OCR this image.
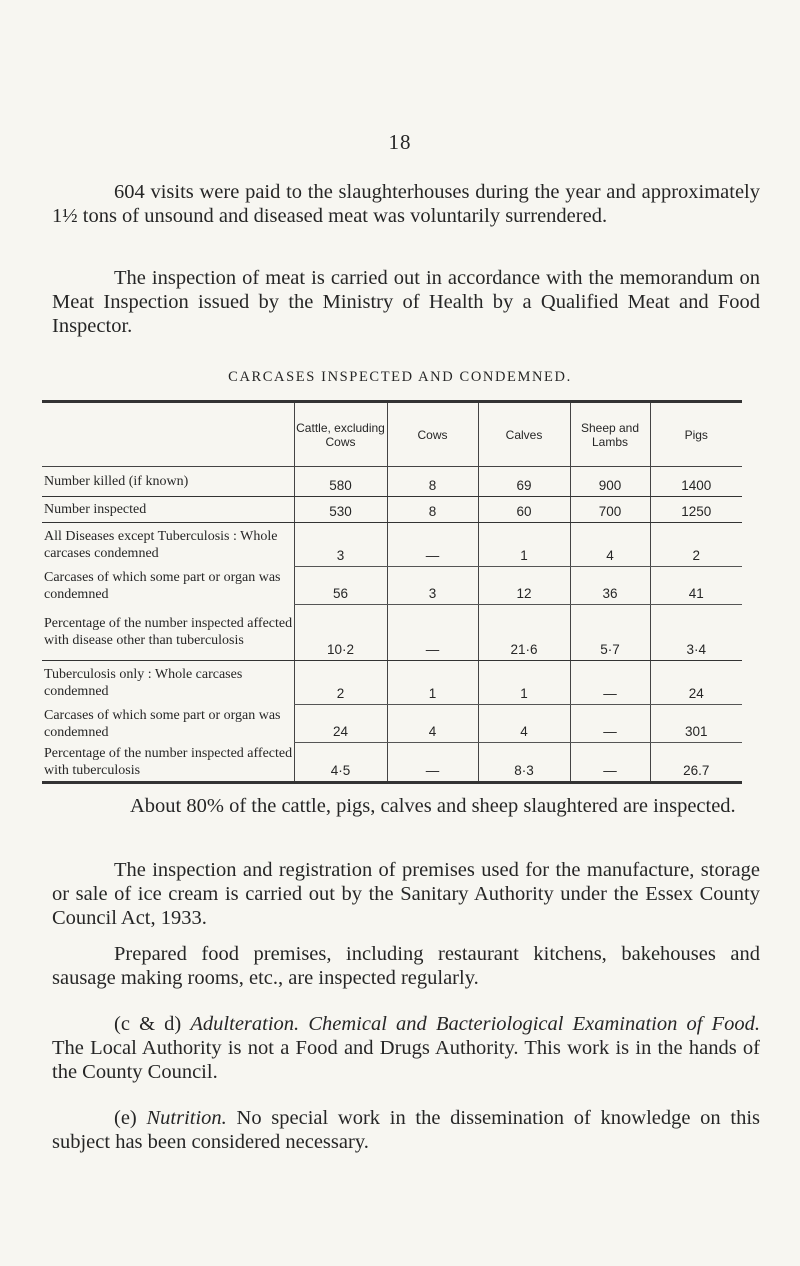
18

604 visits were paid to the slaughterhouses during the year and approximately 1½ tons of unsound and diseased meat was voluntarily surrendered.

The inspection of meat is carried out in accordance with the memorandum on Meat Inspection issued by the Ministry of Health by a Qualified Meat and Food Inspector.

CARCASES INSPECTED AND CONDEMNED.
	Cattle, excluding Cows	Cows	Calves	Sheep and Lambs	Pigs
Number killed (if known)	580	8	69	900	1400
Number inspected	530	8	60	700	1250
All Diseases except Tuberculosis : Whole carcases condemned	3	—	1	4	2
Carcases of which some part or organ was condemned	56	3	12	36	41
Percentage of the number inspected affected with disease other than tuberculosis	10·2	—	21·6	5·7	3·4
Tuberculosis only : Whole carcases condemned	2	1	1	—	24
Carcases of which some part or organ was condemned	24	4	4	—	301
Percentage of the number inspected affected with tuberculosis	4·5	—	8·3	—	26.7

About 80% of the cattle, pigs, calves and sheep slaughtered are inspected.

The inspection and registration of premises used for the manufacture, storage or sale of ice cream is carried out by the Sanitary Authority under the Essex County Council Act, 1933.

Prepared food premises, including restaurant kitchens, bakehouses and sausage making rooms, etc., are inspected regularly.

(c & d) Adulteration. Chemical and Bacteriological Examination of Food. The Local Authority is not a Food and Drugs Authority. This work is in the hands of the County Council.

(e) Nutrition. No special work in the dissemination of knowledge on this subject has been considered necessary.
